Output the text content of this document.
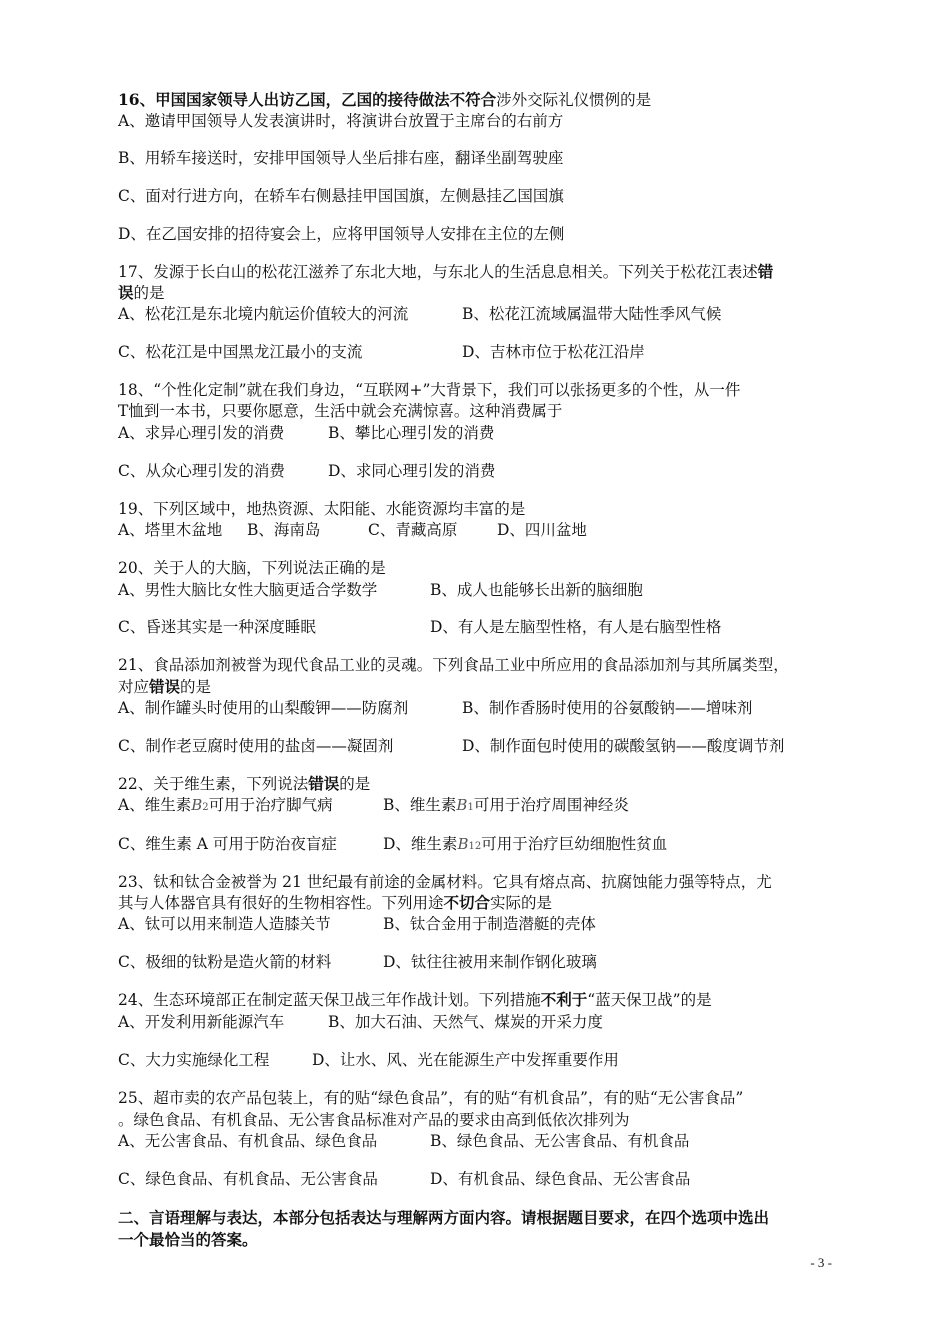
16、甲国国家领导人出访乙国，乙国的接待做法不符合涉外交际礼仪惯例的是
A、邀请甲国领导人发表演讲时，将演讲台放置于主席台的右前方
B、用轿车接送时，安排甲国领导人坐后排右座，翻译坐副驾驶座
C、面对行进方向，在轿车右侧悬挂甲国国旗，左侧悬挂乙国国旗
D、在乙国安排的招待宴会上，应将甲国领导人安排在主位的左侧
17、发源于长白山的松花江滋养了东北大地，与东北人的生活息息相关。下列关于松花江表述错
误的是
A、松花江是东北境内航运价值较大的河流	B、松花江流域属温带大陆性季风气候
C、松花江是中国黑龙江最小的支流	D、吉林市位于松花江沿岸
18、“个性化定制”就在我们身边，“互联网+”大背景下，我们可以张扬更多的个性，从一件
T恤到一本书，只要你愿意，生活中就会充满惊喜。这种消费属于
A、求异心理引发的消费	B、攀比心理引发的消费
C、从众心理引发的消费	D、求同心理引发的消费
19、下列区域中，地热资源、太阳能、水能资源均丰富的是
A、塔里木盆地 B、海南岛	C、青藏高原	D、四川盆地
20、关于人的大脑，下列说法正确的是
A、男性大脑比女性大脑更适合学数学	B、成人也能够长出新的脑细胞
C、昏迷其实是一种深度睡眠	D、有人是左脑型性格，有人是右脑型性格
21、食品添加剂被誉为现代食品工业的灵魂。下列食品工业中所应用的食品添加剂与其所属类型，
对应错误的是
A、制作罐头时使用的山梨酸钾——防腐剂	B、制作香肠时使用的谷氨酸钠——增味剂
C、制作老豆腐时使用的盐卤——凝固剂	D、制作面包时使用的碳酸氢钠——酸度调节剂
22、关于维生素，下列说法错误的是
A、维生素B2可用于治疗脚气病	B、维生素B1可用于治疗周围神经炎
C、维生素 A 可用于防治夜盲症	D、维生素B12可用于治疗巨幼细胞性贫血
23、钛和钛合金被誉为 21 世纪最有前途的金属材料。它具有熔点高、抗腐蚀能力强等特点，尤
其与人体器官具有很好的生物相容性。下列用途不切合实际的是
A、钛可以用来制造人造膝关节	B、钛合金用于制造潜艇的壳体
C、极细的钛粉是造火箭的材料	D、钛往往被用来制作钢化玻璃
24、生态环境部正在制定蓝天保卫战三年作战计划。下列措施不利于“蓝天保卫战”的是
A、开发利用新能源汽车	B、加大石油、天然气、煤炭的开采力度
C、大力实施绿化工程	D、让水、风、光在能源生产中发挥重要作用
25、超市卖的农产品包装上，有的贴“绿色食品”，有的贴“有机食品”，有的贴“无公害食品”
。绿色食品、有机食品、无公害食品标准对产品的要求由高到低依次排列为
A、无公害食品、有机食品、绿色食品	B、绿色食品、无公害食品、有机食品
C、绿色食品、有机食品、无公害食品	D、有机食品、绿色食品、无公害食品
二、言语理解与表达，本部分包括表达与理解两方面内容。请根据题目要求，在四个选项中选出
一个最恰当的答案。
- 3 -
